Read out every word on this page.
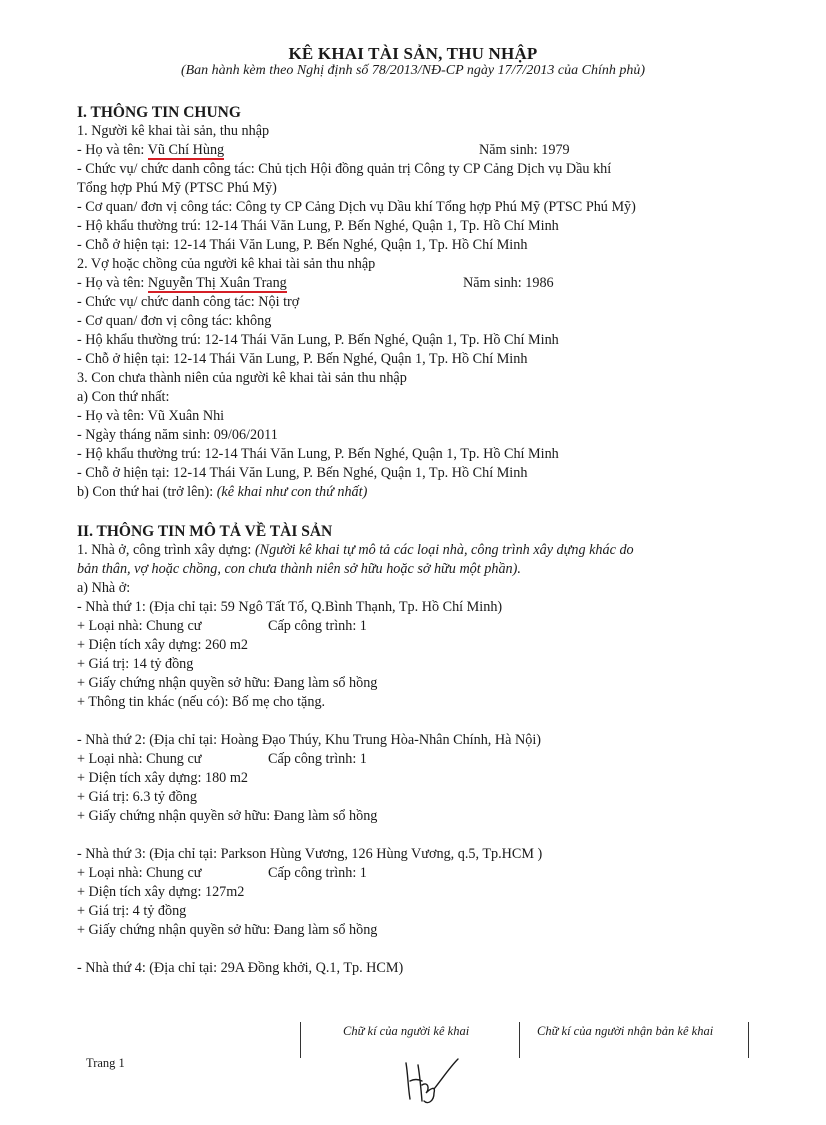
KÊ KHAI TÀI SẢN, THU NHẬP
(Ban hành kèm theo Nghị định số 78/2013/NĐ-CP ngày 17/7/2013 của Chính phủ)
I. THÔNG TIN CHUNG
1. Người kê khai tài sản, thu nhập
- Họ và tên: Vũ Chí Hùng	Năm sinh: 1979
- Chức vụ/ chức danh công tác: Chủ tịch Hội đồng quản trị Công ty CP Cảng Dịch vụ Dầu khí
Tổng hợp Phú Mỹ (PTSC Phú Mỹ)
- Cơ quan/ đơn vị công tác: Công ty CP Cảng Dịch vụ Dầu khí Tổng hợp Phú Mỹ (PTSC Phú Mỹ)
- Hộ khẩu thường trú: 12-14 Thái Văn Lung, P. Bến Nghé, Quận 1, Tp. Hồ Chí Minh
- Chỗ ở hiện tại: 12-14 Thái Văn Lung, P. Bến Nghé, Quận 1, Tp. Hồ Chí Minh
2. Vợ hoặc chồng của người kê khai tài sản thu nhập
- Họ và tên: Nguyễn Thị Xuân Trang	Năm sinh: 1986
- Chức vụ/ chức danh công tác: Nội trợ
- Cơ quan/ đơn vị công tác: không
- Hộ khẩu thường trú: 12-14 Thái Văn Lung, P. Bến Nghé, Quận 1, Tp. Hồ Chí Minh
- Chỗ ở hiện tại: 12-14 Thái Văn Lung, P. Bến Nghé, Quận 1, Tp. Hồ Chí Minh
3. Con chưa thành niên của người kê khai tài sản thu nhập
a) Con thứ nhất:
- Họ và tên: Vũ Xuân Nhi
- Ngày tháng năm sinh: 09/06/2011
- Hộ khẩu thường trú: 12-14 Thái Văn Lung, P. Bến Nghé, Quận 1, Tp. Hồ Chí Minh
- Chỗ ở hiện tại: 12-14 Thái Văn Lung, P. Bến Nghé, Quận 1, Tp. Hồ Chí Minh
b) Con thứ hai (trở lên): (kê khai như con thứ nhất)
II. THÔNG TIN MÔ TẢ VỀ TÀI SẢN
1. Nhà ở, công trình xây dựng: (Người kê khai tự mô tả các loại nhà, công trình xây dựng khác do
bản thân, vợ hoặc chồng, con chưa thành niên sở hữu hoặc sở hữu một phần).
a) Nhà ở:
- Nhà thứ 1: (Địa chỉ tại: 59 Ngô Tất Tố, Q.Bình Thạnh, Tp. Hồ Chí Minh)
+ Loại nhà: Chung cư	Cấp công trình: 1
+ Diện tích xây dựng: 260 m2
+ Giá trị: 14 tỷ đồng
+ Giấy chứng nhận quyền sở hữu: Đang làm sổ hồng
+ Thông tin khác (nếu có): Bố mẹ cho tặng.
- Nhà thứ 2: (Địa chỉ tại: Hoàng Đạo Thúy, Khu Trung Hòa-Nhân Chính, Hà Nội)
+ Loại nhà: Chung cư	Cấp công trình: 1
+ Diện tích xây dựng: 180 m2
+ Giá trị: 6.3 tỷ đồng
+ Giấy chứng nhận quyền sở hữu: Đang làm sổ hồng
- Nhà thứ 3: (Địa chỉ tại: Parkson Hùng Vương, 126 Hùng Vương, q.5, Tp.HCM )
+ Loại nhà: Chung cư	Cấp công trình: 1
+ Diện tích xây dựng: 127m2
+ Giá trị: 4 tỷ đồng
+ Giấy chứng nhận quyền sở hữu: Đang làm sổ hồng
- Nhà thứ 4: (Địa chỉ tại: 29A Đồng khởi, Q.1, Tp. HCM)
Chữ kí của người kê khai	Chữ kí của người nhận bản kê khai
Trang 1
